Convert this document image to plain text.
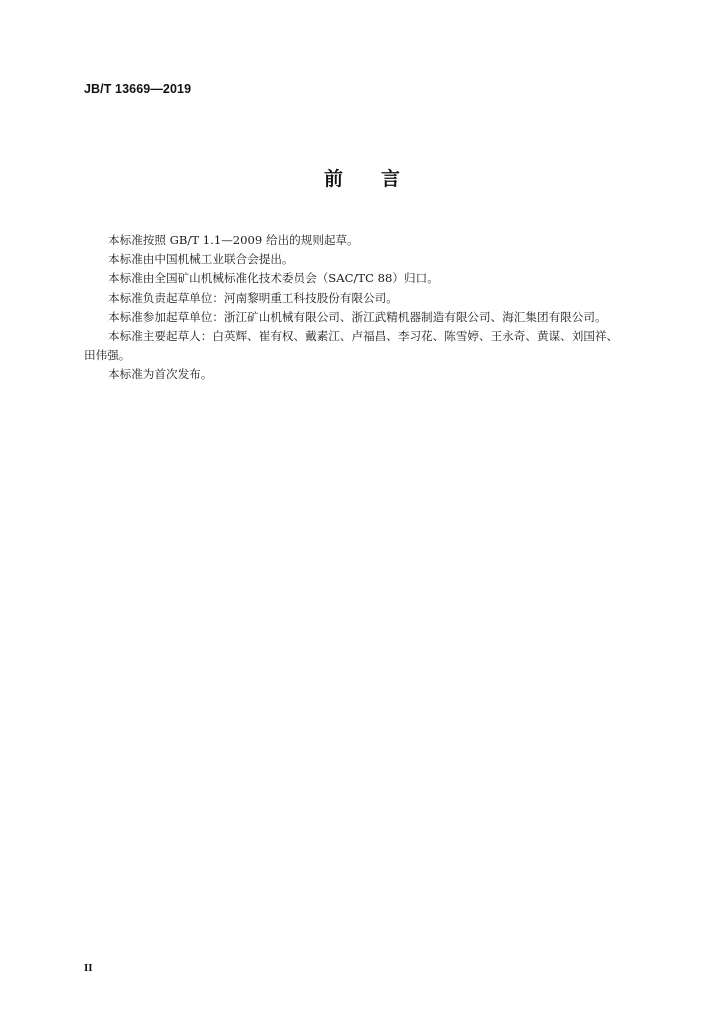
JB/T 13669—2019
前 言

本标准按照 GB/T 1.1—2009 给出的规则起草。

本标准由中国机械工业联合会提出。

本标准由全国矿山机械标准化技术委员会（SAC/TC 88）归口。

本标准负责起草单位：河南黎明重工科技股份有限公司。

本标准参加起草单位：浙江矿山机械有限公司、浙江武精机器制造有限公司、海汇集团有限公司。

本标准主要起草人：白英辉、崔有权、戴素江、卢福昌、李习花、陈雪婷、王永奇、黄谋、刘国祥、

田伟强。

本标准为首次发布。

II
